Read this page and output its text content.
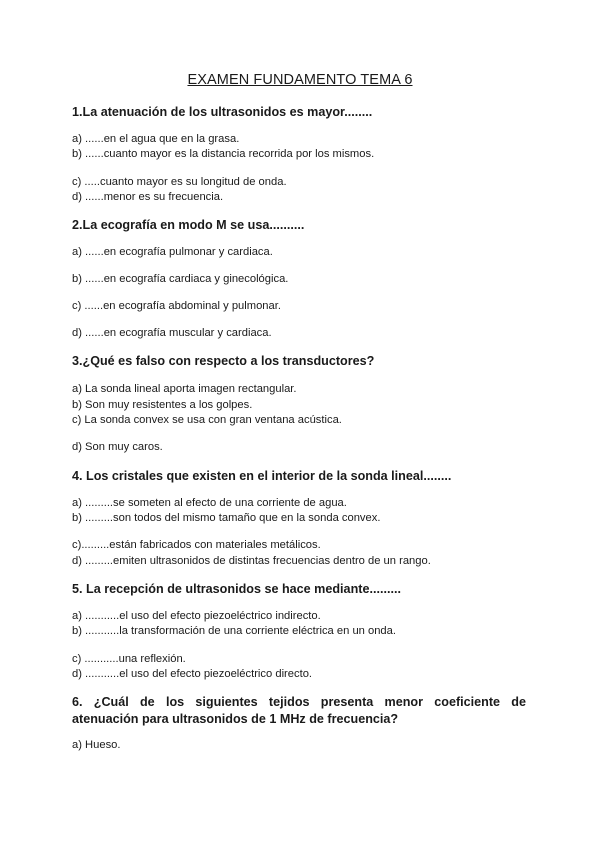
EXAMEN FUNDAMENTO TEMA 6
1.La atenuación de los ultrasonidos es mayor........
a) ......en el agua que en la grasa.
b) ......cuanto mayor es la distancia recorrida por los mismos.
c) .....cuanto mayor es su longitud de onda.
d) ......menor es su frecuencia.
2.La ecografía en modo M se usa..........
a) ......en ecografía pulmonar y cardiaca.
b) ......en ecografía cardiaca y ginecológica.
c) ......en ecografía abdominal y pulmonar.
d) ......en ecografía muscular y cardiaca.
3.¿Qué es falso con respecto a los transductores?
a) La sonda lineal aporta imagen rectangular.
b) Son muy resistentes a los golpes.
c) La sonda convex se usa con gran ventana acústica.
d) Son muy caros.
4. Los cristales que existen en el interior de la sonda lineal........
a) .........se someten al efecto de una corriente de agua.
b) .........son todos del mismo tamaño que en la sonda convex.
c).........están fabricados con materiales metálicos.
d) .........emiten ultrasonidos de distintas frecuencias dentro de un rango.
5. La recepción de ultrasonidos se hace mediante.........
a) ...........el uso del efecto piezoeléctrico indirecto.
b) ...........la transformación de una corriente eléctrica en un onda.
c) ...........una reflexión.
d) ...........el uso del efecto piezoeléctrico directo.
6. ¿Cuál de los siguientes tejidos presenta menor coeficiente de atenuación para ultrasonidos de 1 MHz de frecuencia?
a) Hueso.
